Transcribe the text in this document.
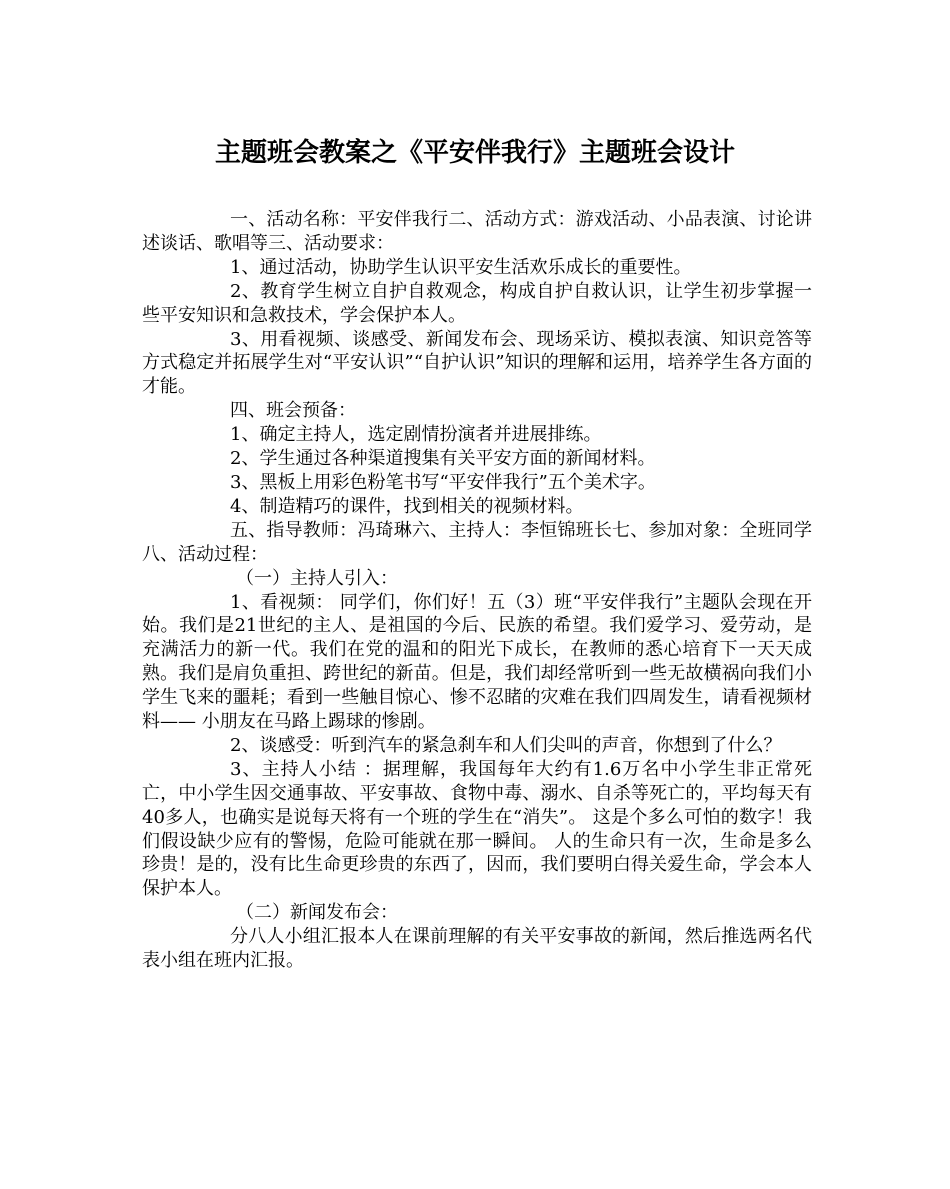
主题班会教案之《平安伴我行》主题班会设计

一、活动名称：平安伴我行二、活动方式：游戏活动、小品表演、讨论讲述谈话、歌唱等三、活动要求：

1、通过活动，协助学生认识平安生活欢乐成长的重要性。

2、教育学生树立自护自救观念，构成自护自救认识，让学生初步掌握一些平安知识和急救技术，学会保护本人。

3、用看视频、谈感受、新闻发布会、现场采访、模拟表演、知识竞答等方式稳定并拓展学生对“平安认识”“自护认识”知识的理解和运用，培养学生各方面的才能。

四、班会预备：

1、确定主持人，选定剧情扮演者并进展排练。

2、学生通过各种渠道搜集有关平安方面的新闻材料。

3、黑板上用彩色粉笔书写“平安伴我行”五个美术字。

4、制造精巧的课件，找到相关的视频材料。

五、指导教师：冯琦琳六、主持人：李恒锦班长七、参加对象：全班同学八、活动过程：

（一）主持人引入：

1、看视频： 同学们，你们好！五（3）班“平安伴我行”主题队会现在开始。我们是21世纪的主人、是祖国的今后、民族的希望。我们爱学习、爱劳动，是充满活力的新一代。我们在党的温和的阳光下成长，在教师的悉心培育下一天天成熟。我们是肩负重担、跨世纪的新苗。但是，我们却经常听到一些无故横祸向我们小学生飞来的噩耗；看到一些触目惊心、惨不忍睹的灾难在我们四周发生，请看视频材料—— 小朋友在马路上踢球的惨剧。

2、谈感受：听到汽车的紧急刹车和人们尖叫的声音，你想到了什么？

3、主持人小结 ：据理解，我国每年大约有1.6万名中小学生非正常死亡，中小学生因交通事故、平安事故、食物中毒、溺水、自杀等死亡的，平均每天有40多人，也确实是说每天将有一个班的学生在“消失”。 这是个多么可怕的数字！我们假设缺少应有的警惕，危险可能就在那一瞬间。 人的生命只有一次，生命是多么珍贵！是的，没有比生命更珍贵的东西了，因而，我们要明白得关爱生命，学会本人保护本人。

（二）新闻发布会：

分八人小组汇报本人在课前理解的有关平安事故的新闻，然后推选两名代表小组在班内汇报。
